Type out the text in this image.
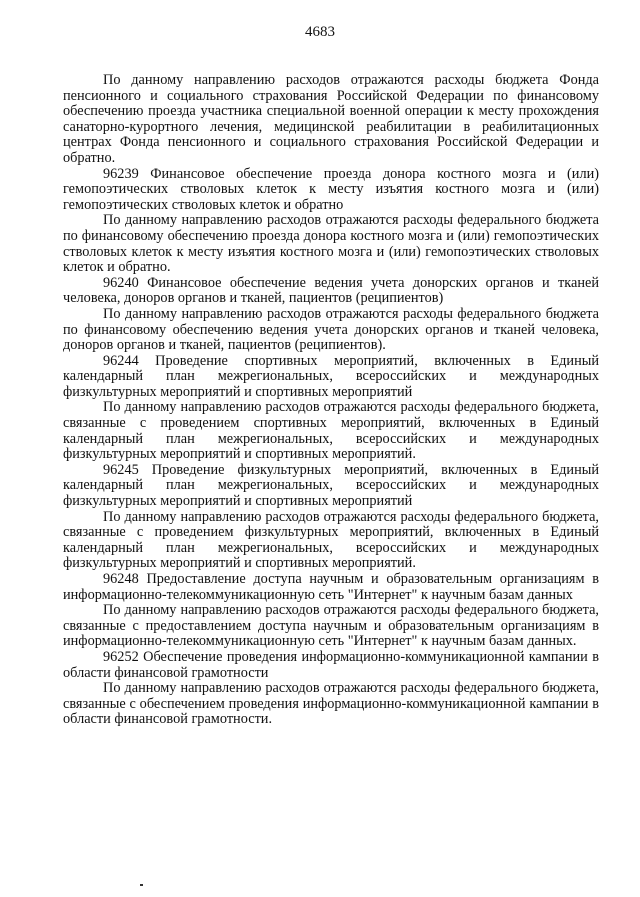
4683

По данному направлению расходов отражаются расходы бюджета Фонда пенсионного и социального страхования Российской Федерации по финансовому обеспечению проезда участника специальной военной операции к месту прохождения санаторно-курортного лечения, медицинской реабилитации в реабилитационных центрах Фонда пенсионного и социального страхования Российской Федерации и обратно.

96239 Финансовое обеспечение проезда донора костного мозга и (или) гемопоэтических стволовых клеток к месту изъятия костного мозга и (или) гемопоэтических стволовых клеток и обратно

По данному направлению расходов отражаются расходы федерального бюджета по финансовому обеспечению проезда донора костного мозга и (или) гемопоэтических стволовых клеток к месту изъятия костного мозга и (или) гемопоэтических стволовых клеток и обратно.

96240 Финансовое обеспечение ведения учета донорских органов и тканей человека, доноров органов и тканей, пациентов (реципиентов)

По данному направлению расходов отражаются расходы федерального бюджета по финансовому обеспечению ведения учета донорских органов и тканей человека, доноров органов и тканей, пациентов (реципиентов).

96244 Проведение спортивных мероприятий, включенных в Единый календарный план межрегиональных, всероссийских и международных физкультурных мероприятий и спортивных мероприятий

По данному направлению расходов отражаются расходы федерального бюджета, связанные с проведением спортивных мероприятий, включенных в Единый календарный план межрегиональных, всероссийских и международных физкультурных мероприятий и спортивных мероприятий.

96245 Проведение физкультурных мероприятий, включенных в Единый календарный план межрегиональных, всероссийских и международных физкультурных мероприятий и спортивных мероприятий

По данному направлению расходов отражаются расходы федерального бюджета, связанные с проведением физкультурных мероприятий, включенных в Единый календарный план межрегиональных, всероссийских и международных физкультурных мероприятий и спортивных мероприятий.

96248 Предоставление доступа научным и образовательным организациям в информационно-телекоммуникационную сеть "Интернет" к научным базам данных

По данному направлению расходов отражаются расходы федерального бюджета, связанные с предоставлением доступа научным и образовательным организациям в информационно-телекоммуникационную сеть "Интернет" к научным базам данных.

96252 Обеспечение проведения информационно-коммуникационной кампании в области финансовой грамотности

По данному направлению расходов отражаются расходы федерального бюджета, связанные с обеспечением проведения информационно-коммуникационной кампании в области финансовой грамотности.
